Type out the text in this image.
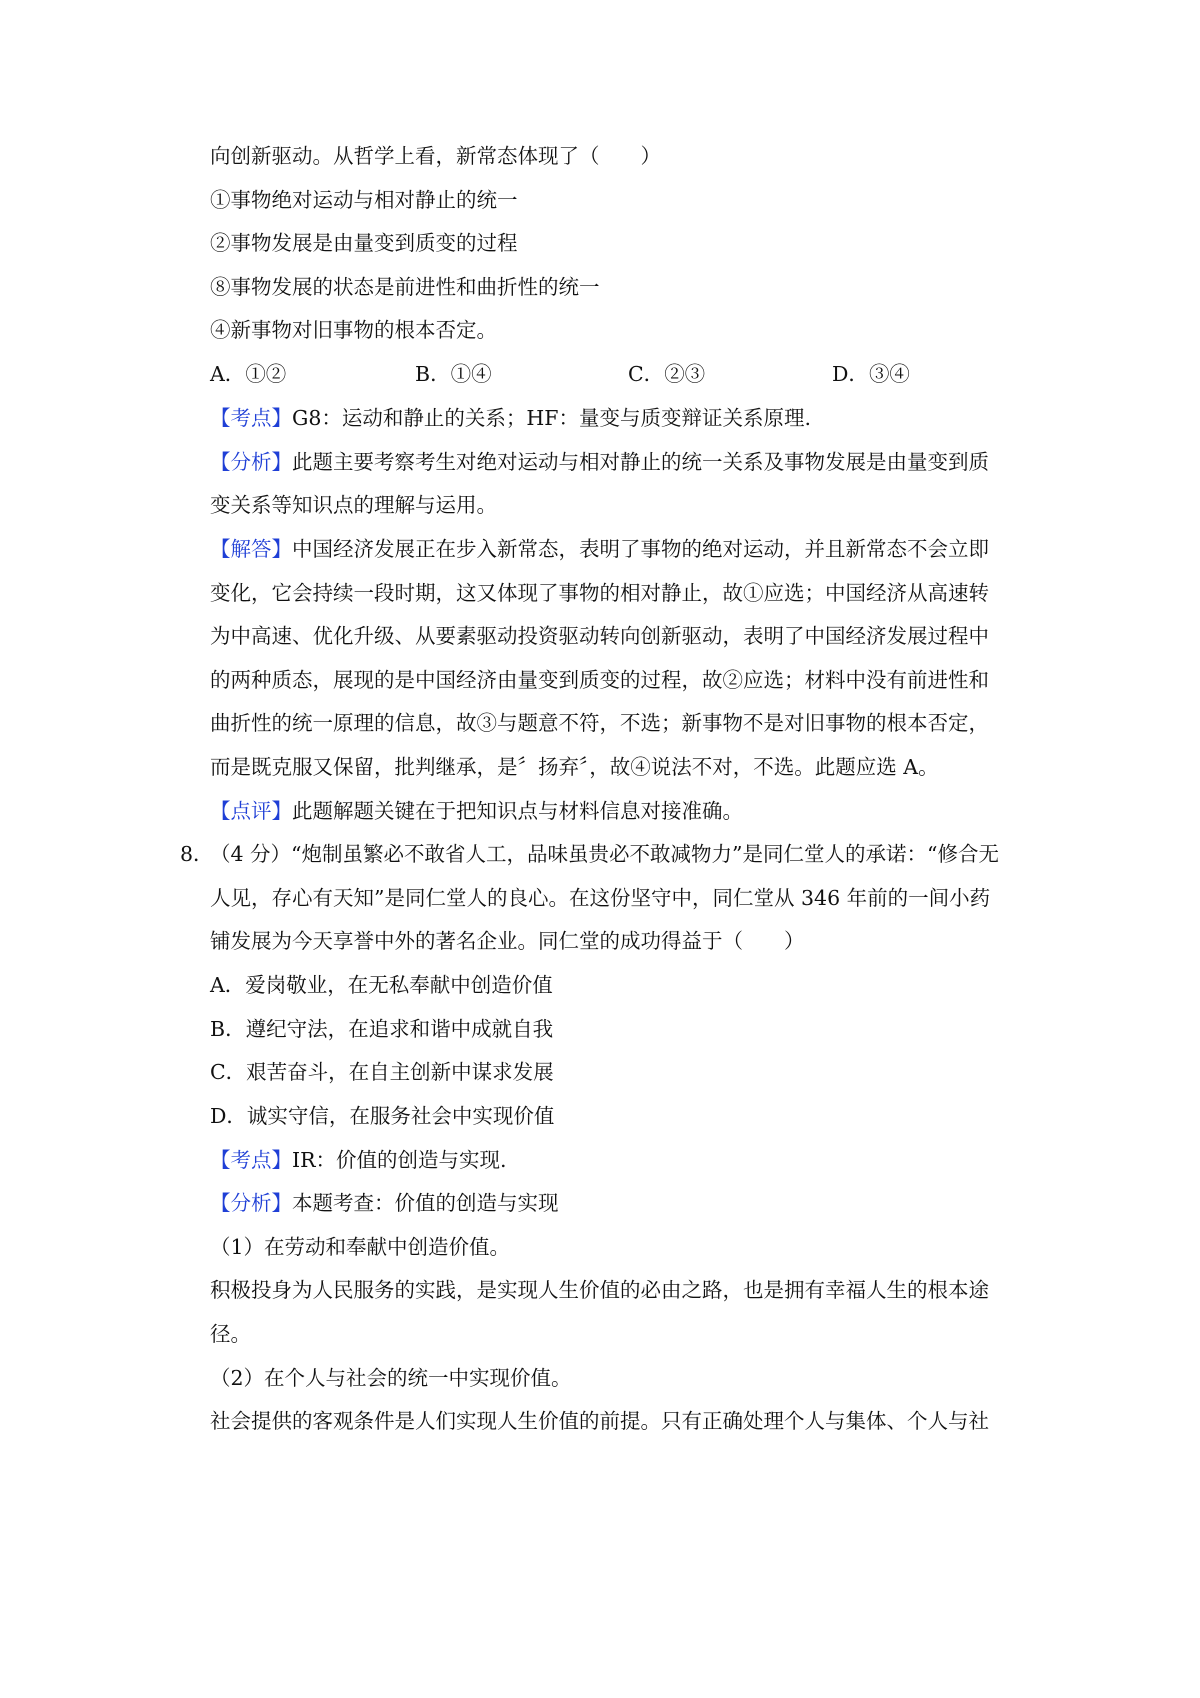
向创新驱动。从哲学上看，新常态体现了（　　）
①事物绝对运动与相对静止的统一
②事物发展是由量变到质变的过程
⑧事物发展的状态是前进性和曲折性的统一
④新事物对旧事物的根本否定。
A．①②	B．①④	C．②③	D．③④
【考点】G8：运动和静止的关系；HF：量变与质变辩证关系原理.
【分析】此题主要考察考生对绝对运动与相对静止的统一关系及事物发展是由量变到质
变关系等知识点的理解与运用。
【解答】中国经济发展正在步入新常态，表明了事物的绝对运动，并且新常态不会立即
变化，它会持续一段时期，这又体现了事物的相对静止，故①应选；中国经济从高速转
为中高速、优化升级、从要素驱动投资驱动转向创新驱动，表明了中国经济发展过程中
的两种质态，展现的是中国经济由量变到质变的过程，故②应选；材料中没有前进性和
曲折性的统一原理的信息，故③与题意不符，不选；新事物不是对旧事物的根本否定，
而是既克服又保留，批判继承，是〞扬弃〞，故④说法不对，不选。此题应选 A。
【点评】此题解题关键在于把知识点与材料信息对接准确。
8．
（4 分）“炮制虽繁必不敢省人工，品味虽贵必不敢减物力”是同仁堂人的承诺：“修合无
人见，存心有天知”是同仁堂人的良心。在这份坚守中，同仁堂从 346 年前的一间小药
铺发展为今天享誉中外的著名企业。同仁堂的成功得益于（　　）
A．爱岗敬业，在无私奉献中创造价值
B．遵纪守法，在追求和谐中成就自我
C．艰苦奋斗，在自主创新中谋求发展
D．诚实守信，在服务社会中实现价值
【考点】IR：价值的创造与实现.
【分析】本题考查：价值的创造与实现
（1）在劳动和奉献中创造价值。
积极投身为人民服务的实践，是实现人生价值的必由之路，也是拥有幸福人生的根本途
径。
（2）在个人与社会的统一中实现价值。
社会提供的客观条件是人们实现人生价值的前提。只有正确处理个人与集体、个人与社
